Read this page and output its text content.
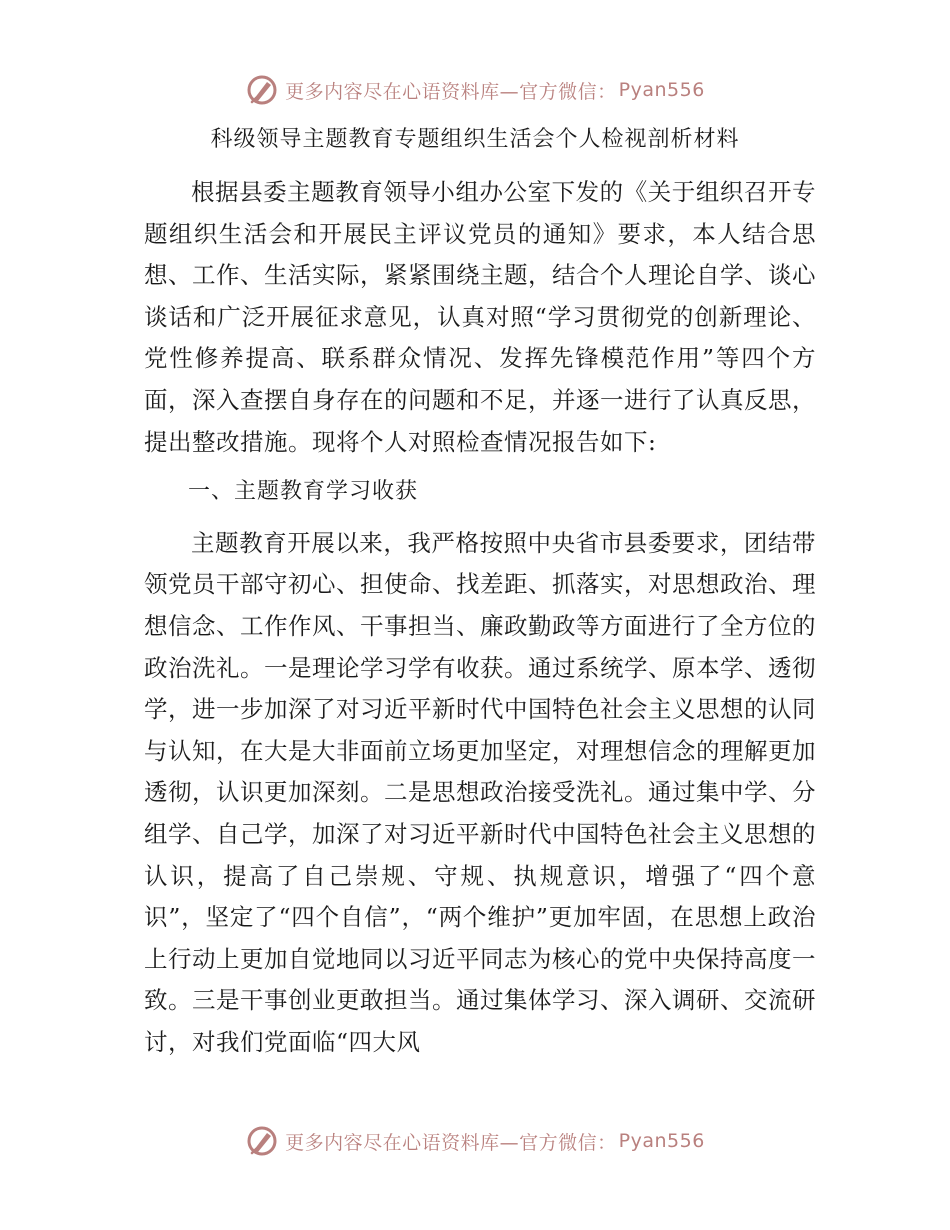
更多内容尽在心语资料库—官方微信： Pyan556
科级领导主题教育专题组织生活会个人检视剖析材料

根据县委主题教育领导小组办公室下发的《关于组织召开专题组织生活会和开展民主评议党员的通知》要求，本人结合思想、工作、生活实际，紧紧围绕主题，结合个人理论自学、谈心谈话和广泛开展征求意见，认真对照“学习贯彻党的创新理论、党性修养提高、联系群众情况、发挥先锋模范作用”等四个方面，深入查摆自身存在的问题和不足，并逐一进行了认真反思，提出整改措施。现将个人对照检查情况报告如下:

一、主题教育学习收获

主题教育开展以来，我严格按照中央省市县委要求，团结带领党员干部守初心、担使命、找差距、抓落实，对思想政治、理想信念、工作作风、干事担当、廉政勤政等方面进行了全方位的政治洗礼。一是理论学习学有收获。通过系统学、原本学、透彻学，进一步加深了对习近平新时代中国特色社会主义思想的认同与认知，在大是大非面前立场更加坚定，对理想信念的理解更加透彻，认识更加深刻。二是思想政治接受洗礼。通过集中学、分组学、自己学，加深了对习近平新时代中国特色社会主义思想的认识，提高了自己崇规、守规、执规意识，增强了“四个意识”，坚定了“四个自信”，“两个维护”更加牢固，在思想上政治上行动上更加自觉地同以习近平同志为核心的党中央保持高度一致。三是干事创业更敢担当。通过集体学习、深入调研、交流研讨，对我们党面临“四大风

更多内容尽在心语资料库—官方微信： Pyan556
